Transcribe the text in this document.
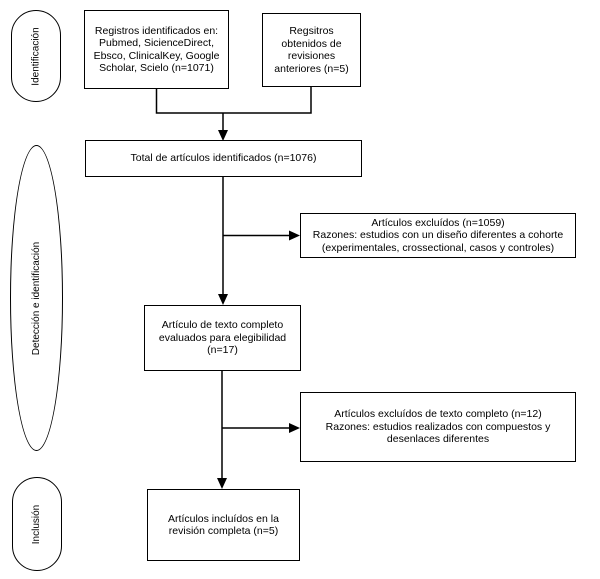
Identificación
Detección e identificación
Inclusión
Registros identificados en:
Pubmed, SicienceDirect,
Ebsco, ClinicalKey, Google
Scholar, Scielo (n=1071)
Regsitros
obtenidos de
revisiones
anteriores (n=5)
Total de artículos identificados (n=1076)
Artículos excluídos (n=1059)
Razones: estudios con un diseño diferentes a cohorte
(experimentales, crossectional, casos y controles)
Artículo de texto completo
evaluados para elegibilidad
(n=17)
Artículos excluídos de texto completo (n=12)
Razones: estudios realizados con compuestos y
desenlaces diferentes
Artículos incluídos en la
revisión completa (n=5)
